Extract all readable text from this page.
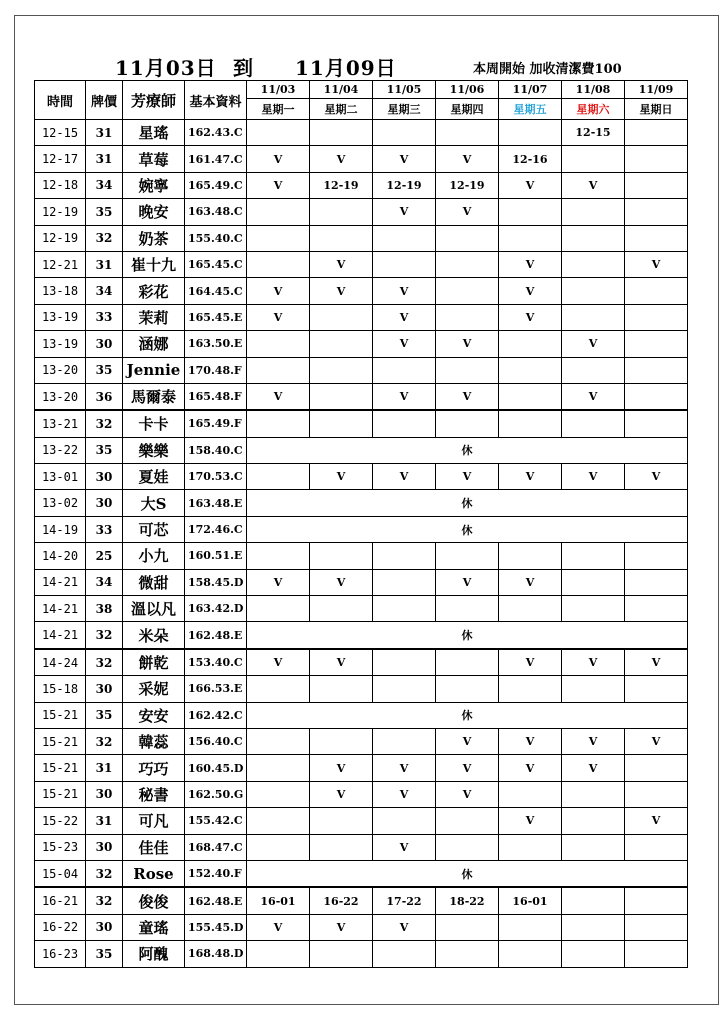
11月03日 到 11月09日	本周開始 加收清潔費100
時間	牌價	芳療師	基本資料	11/03	11/04	11/05	11/06	11/07	11/08	11/09
				星期一	星期二	星期三	星期四	星期五	星期六	星期日
12-15	31	星瑤	162.43.C						12-15	
12-17	31	草莓	161.47.C	V	V	V	V	12-16		
12-18	34	婉寧	165.49.C	V	12-19	12-19	12-19	V	V	
12-19	35	晚安	163.48.C			V	V			
12-19	32	奶茶	155.40.C							
12-21	31	崔十九	165.45.C		V			V		V
13-18	34	彩花	164.45.C	V	V	V		V		
13-19	33	茉莉	165.45.E	V		V		V		
13-19	30	涵娜	163.50.E			V	V		V	
13-20	35	Jennie	170.48.F							
13-20	36	馬爾泰	165.48.F	V		V	V		V	
13-21	32	卡卡	165.49.F							
13-22	35	樂樂	158.40.C	休						
13-01	30	夏娃	170.53.C		V	V	V	V	V	V
13-02	30	大S	163.48.E	休						
14-19	33	可芯	172.46.C	休						
14-20	25	小九	160.51.E							
14-21	34	微甜	158.45.D	V	V		V	V		
14-21	38	溫以凡	163.42.D							
14-21	32	米朵	162.48.E	休						
14-24	32	餅乾	153.40.C	V	V			V	V	V
15-18	30	采妮	166.53.E							
15-21	35	安安	162.42.C	休						
15-21	32	韓蕊	156.40.C				V	V	V	V
15-21	31	巧巧	160.45.D		V	V	V	V	V	
15-21	30	秘書	162.50.G		V	V	V			
15-22	31	可凡	155.42.C					V		V
15-23	30	佳佳	168.47.C			V				
15-04	32	Rose	152.40.F	休						
16-21	32	俊俊	162.48.E	16-01	16-22	17-22	18-22	16-01		
16-22	30	童瑤	155.45.D	V	V	V				
16-23	35	阿醜	168.48.D							
